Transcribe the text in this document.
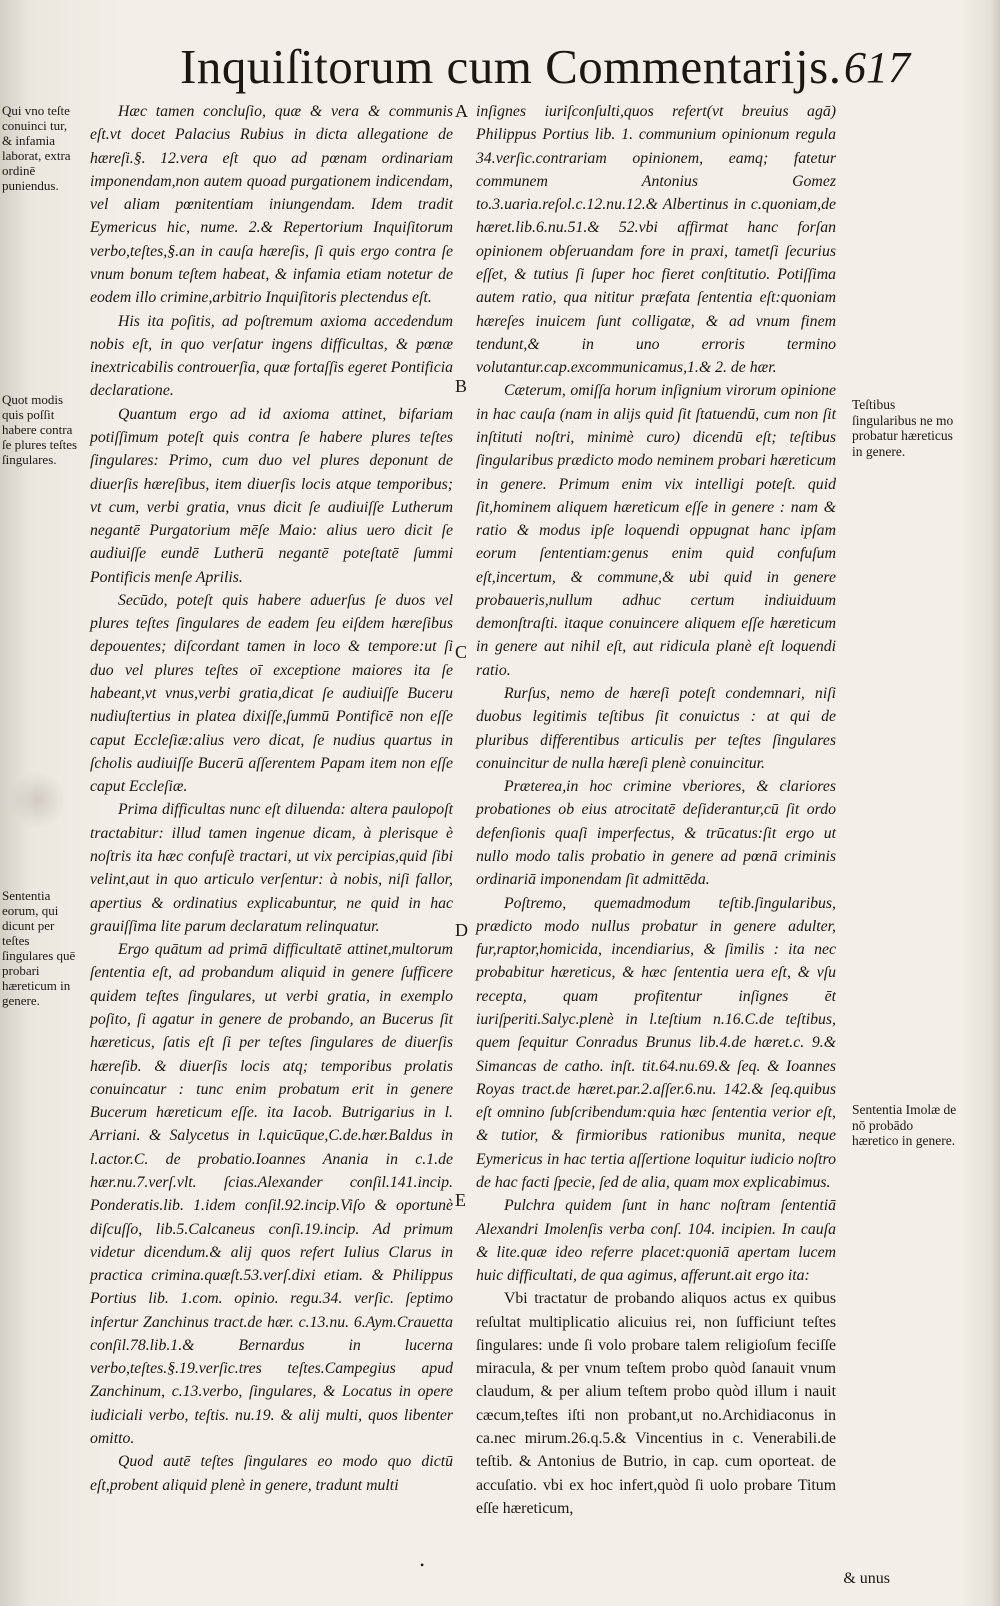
Inquiſitorum cum Commentarijs. 617
Qui vno teſte conuinci tur, & infamia laborat, extra ordinē puniendus.
Quot modis quis poſſit habere contra ſe plures teſtes ſingulares.
Sententia eorum, qui dicunt per teſtes ſingulares quē probari hæreticum in genere.
Teſtibus ſingularibus ne mo probatur hæreticus in genere.
Sententia Imolæ de nō probādo hæretico in genere.
A
B
C
D
E

Hæc tamen concluſio, quæ & vera & communis eſt.vt docet Palacius Rubius in dicta allegatione de hæreſi.§. 12.vera eſt quo ad pœnam ordinariam imponendam,non autem quoad purgationem indicendam, vel aliam pœnitentiam iniungendam. Idem tradit Eymericus hic, nume. 2.& Repertorium Inquiſitorum verbo,teſtes,§.an in cauſa hæreſis, ſi quis ergo contra ſe vnum bonum teſtem habeat, & infamia etiam notetur de eodem illo crimine,arbitrio Inquiſitoris plectendus eſt.

His ita poſitis, ad poſtremum axioma accedendum nobis eſt, in quo verſatur ingens difficultas, & pœnæ inextricabilis controuerſia, quæ fortaſſis egeret Pontificia declaratione.

Quantum ergo ad id axioma attinet, bifariam potiſſimum poteſt quis contra ſe habere plures teſtes ſingulares: Primo, cum duo vel plures deponunt de diuerſis hæreſibus, item diuerſis locis atque temporibus; vt cum, verbi gratia, vnus dicit ſe audiuiſſe Lutherum negantē Purgatorium mēſe Maio: alius uero dicit ſe audiuiſſe eundē Lutherū negantē poteſtatē ſummi Pontificis menſe Aprilis.

Secūdo, poteſt quis habere aduerſus ſe duos vel plures teſtes ſingulares de eadem ſeu eiſdem hæreſibus depouentes; diſcordant tamen in loco & tempore:ut ſi duo vel plures teſtes oī exceptione maiores ita ſe habeant,vt vnus,verbi gratia,dicat ſe audiuiſſe Buceru nudiuſtertius in platea dixiſſe,ſummū Pontificē non eſſe caput Eccleſiæ:alius vero dicat, ſe nudius quartus in ſcholis audiuiſſe Bucerū aſſerentem Papam item non eſſe caput Eccleſiæ.

Prima difficultas nunc eſt diluenda: altera paulopoſt tractabitur: illud tamen ingenue dicam, à plerisque è noſtris ita hæc confuſè tractari, ut vix percipias,quid ſibi velint,aut in quo articulo verſentur: à nobis, niſi fallor, apertius & ordinatius explicabuntur, ne quid in hac grauiſſima lite parum declaratum relinquatur.

Ergo quātum ad primā difficultatē attinet,multorum ſententia eſt, ad probandum aliquid in genere ſufficere quidem teſtes ſingulares, ut verbi gratia, in exemplo poſito, ſi agatur in genere de probando, an Bucerus ſit hæreticus, ſatis eſt ſi per teſtes ſingulares de diuerſis hæreſib. & diuerſis locis atq; temporibus prolatis conuincatur : tunc enim probatum erit in genere Bucerum hæreticum eſſe. ita Iacob. Butrigarius in l. Arriani. & Salycetus in l.quicūque,C.de.hær.Baldus in l.actor.C. de probatio.Ioannes Anania in c.1.de hær.nu.7.verſ.vlt. ſcias.Alexander conſil.141.incip. Ponderatis.lib. 1.idem conſil.92.incip.Viſo & oportunè diſcuſſo, lib.5.Calcaneus conſi.19.incip. Ad primum videtur dicendum.& alij quos refert Iulius Clarus in practica crimina.quæſt.53.verſ.dixi etiam. & Philippus Portius lib. 1.com. opinio. regu.34. verſic. ſeptimo infertur Zanchinus tract.de hær. c.13.nu. 6.Aym.Crauetta conſil.78.lib.1.& Bernardus in lucerna verbo,teſtes.§.19.verſic.tres teſtes.Campegius apud Zanchinum, c.13.verbo, ſingulares, & Locatus in opere iudiciali verbo, teſtis. nu.19. & alij multi, quos libenter omitto.

Quod autē teſtes ſingulares eo modo quo dictū eſt,probent aliquid plenè in genere, tradunt multi

inſignes iuriſconſulti,quos refert(vt breuius agā) Philippus Portius lib. 1. communium opinionum regula 34.verſic.contrariam opinionem, eamq; fatetur communem Antonius Gomez to.3.uaria.reſol.c.12.nu.12.& Albertinus in c.quoniam,de hæret.lib.6.nu.51.& 52.vbi affirmat hanc forſan opinionem obſeruandam fore in praxi, tametſi ſecurius eſſet, & tutius ſi ſuper hoc fieret conſtitutio. Potiſſima autem ratio, qua nititur præfata ſententia eſt:quoniam hæreſes inuicem ſunt colligatæ, & ad vnum finem tendunt,& in uno erroris termino volutantur.cap.excommunicamus,1.& 2. de hær.

Cæterum, omiſſa horum inſignium virorum opinione in hac cauſa (nam in alijs quid ſit ſtatuendū, cum non ſit inſtituti noſtri, minimè curo) dicendū eſt; teſtibus ſingularibus prædicto modo neminem probari hæreticum in genere. Primum enim vix intelligi poteſt. quid ſit,hominem aliquem hæreticum eſſe in genere : nam & ratio & modus ipſe loquendi oppugnat hanc ipſam eorum ſententiam:genus enim quid confuſum eſt,incertum, & commune,& ubi quid in genere probaueris,nullum adhuc certum indiuiduum demonſtraſti. itaque conuincere aliquem eſſe hæreticum in genere aut nihil eſt, aut ridicula planè eſt loquendi ratio.

Rurſus, nemo de hæreſi poteſt condemnari, niſi duobus legitimis teſtibus ſit conuictus : at qui de pluribus differentibus articulis per teſtes ſingulares conuincitur de nulla hæreſi plenè conuincitur.

Præterea,in hoc crimine vberiores, & clariores probationes ob eius atrocitatē deſiderantur,cū ſit ordo defenſionis quaſi imperfectus, & trūcatus:ſit ergo ut nullo modo talis probatio in genere ad pœnā criminis ordinariā imponendam ſit admittēda.

Poſtremo, quemadmodum teſtib.ſingularibus, prædicto modo nullus probatur in genere adulter, fur,raptor,homicida, incendiarius, & ſimilis : ita nec probabitur hæreticus, & hæc ſententia uera eſt, & vſu recepta, quam profitentur inſignes ēt iuriſperiti.Salyc.plenè in l.teſtium n.16.C.de teſtibus, quem ſequitur Conradus Brunus lib.4.de hæret.c. 9.& Simancas de catho. inſt. tit.64.nu.69.& ſeq. & Ioannes Royas tract.de hæret.par.2.aſſer.6.nu. 142.& ſeq.quibus eſt omnino ſubſcribendum:quia hæc ſententia verior eſt, & tutior, & firmioribus rationibus munita, neque Eymericus in hac tertia aſſertione loquitur iudicio noſtro de hac facti ſpecie, ſed de alia, quam mox explicabimus.

Pulchra quidem ſunt in hanc noſtram ſententiā Alexandri Imolenſis verba conſ. 104. incipien. In cauſa & lite.quæ ideo referre placet:quoniā apertam lucem huic difficultati, de qua agimus, afferunt.ait ergo ita:

Vbi tractatur de probando aliquos actus ex quibus reſultat multiplicatio alicuius rei, non ſufficiunt teſtes ſingulares: unde ſi volo probare talem religioſum feciſſe miracula, & per vnum teſtem probo quòd ſanauit vnum claudum, & per alium teſtem probo quòd illum i nauit cæcum,teſtes iſti non probant,ut no.Archidiaconus in ca.nec mirum.26.q.5.& Vincentius in c. Venerabili.de teſtib. & Antonius de Butrio, in cap. cum oporteat. de accuſatio. vbi ex hoc infert,quòd ſi uolo probare Titum eſſe hæreticum,

•
& unus
